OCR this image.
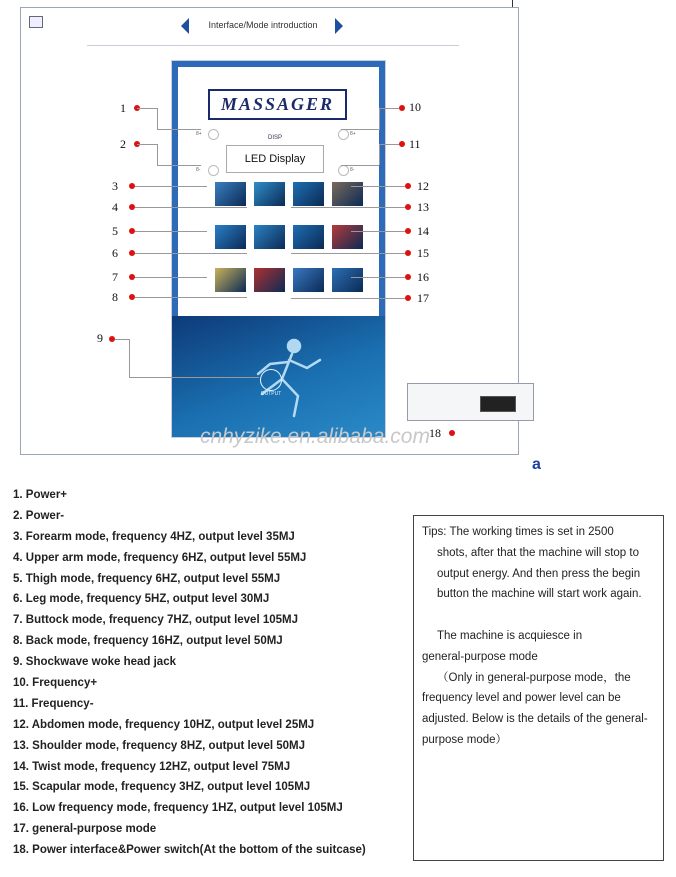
Interface/Mode introduction
MASSAGER
8+	8+
DISP
LED Display
8-	8-
OUTPUT
1
2
3
4
5
6
7
8
9
10
11
12
13
14
15
16
17
18
cnhyzike.en.alibaba.com
a
1. Power+
2. Power-
3. Forearm mode, frequency 4HZ, output level 35MJ
4. Upper arm mode, frequency 6HZ, output level 55MJ
5. Thigh mode, frequency 6HZ, output level 55MJ
6. Leg mode, frequency 5HZ, output level 30MJ
7. Buttock mode, frequency 7HZ, output level 105MJ
8. Back mode, frequency 16HZ, output level 50MJ
9. Shockwave woke head jack
10. Frequency+
11. Frequency-
12. Abdomen mode, frequency 10HZ, output level 25MJ
13. Shoulder mode, frequency 8HZ, output level 50MJ
14. Twist mode, frequency 12HZ, output level 75MJ
15. Scapular mode, frequency 3HZ, output level 105MJ
16. Low frequency mode, frequency 1HZ, output level 105MJ
17. general-purpose mode
18. Power interface&Power switch(At the bottom of the suitcase)

Tips: The working times is set in 2500

shots, after that the machine will stop to output energy. And then press the begin button the machine will start work again.

The machine is acquiesce in

general-purpose mode

（Only in general-purpose mode，the

frequency level and power level can be adjusted. Below is the details of the general-purpose mode）
